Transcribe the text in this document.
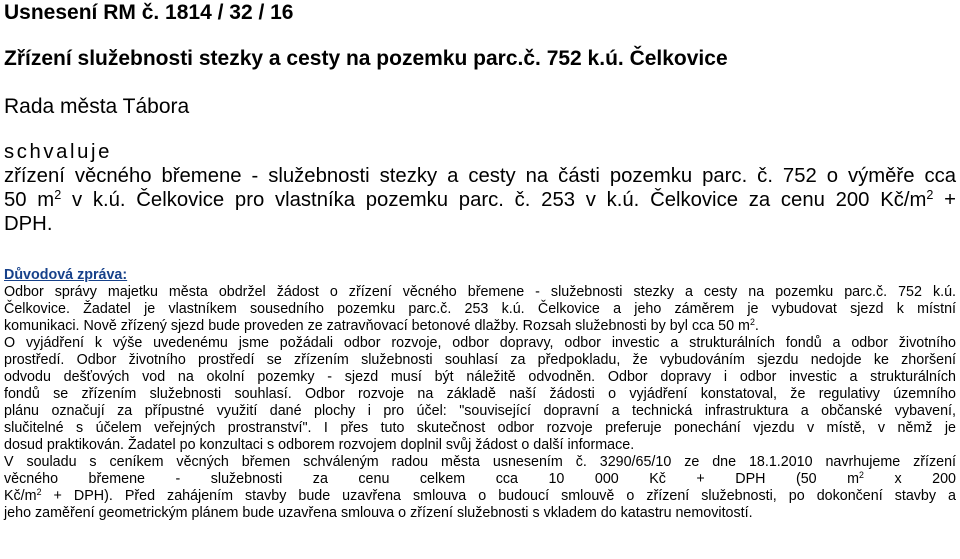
Usnesení RM č. 1814 / 32 / 16
Zřízení služebnosti stezky a cesty na pozemku parc.č. 752 k.ú. Čelkovice
Rada města Tábora

schvaluje

zřízení věcného břemene - služebnosti stezky a cesty na části pozemku parc. č. 752 o výměře cca

50 $m^2$ v k.ú. Čelkovice pro vlastníka pozemku parc. č. 253 v k.ú. Čelkovice za cenu 200 $Kč/m^2$ +

DPH.

Důvodová zpráva:

Odbor správy majetku města obdržel žádost o zřízení věcného břemene - služebnosti stezky a cesty na pozemku parc.č. 752 k.ú.

Čelkovice. Žadatel je vlastníkem sousedního pozemku parc.č. 253 k.ú. Čelkovice a jeho záměrem je vybudovat sjezd k místní

komunikaci. Nově zřízený sjezd bude proveden ze zatravňovací betonové dlažby. Rozsah služebnosti by byl cca 50 $m^2$.

O vyjádření k výše uvedenému jsme požádali odbor rozvoje, odbor dopravy, odbor investic a strukturálních fondů a odbor životního

prostředí. Odbor životního prostředí se zřízením služebnosti souhlasí za předpokladu, že vybudováním sjezdu nedojde ke zhoršení

odvodu dešťových vod na okolní pozemky - sjezd musí být náležitě odvodněn. Odbor dopravy i odbor investic a strukturálních

fondů se zřízením služebnosti souhlasí. Odbor rozvoje na základě naší žádosti o vyjádření konstatoval, že regulativy územního

plánu označují za přípustné využití dané plochy i pro účel: "související dopravní a technická infrastruktura a občanské vybavení,

slučitelné s účelem veřejných prostranství". I přes tuto skutečnost odbor rozvoje preferuje ponechání vjezdu v místě, v němž je

dosud praktikován. Žadatel po konzultaci s odborem rozvojem doplnil svůj žádost o další informace.

V souladu s ceníkem věcných břemen schváleným radou města usnesením č. 3290/65/10 ze dne 18.1.2010 navrhujeme zřízení

věcného břemene - služebnosti za cenu celkem cca 10 000 Kč + DPH (50 $m^2$ x 200

$Kč/m^2 + DPH$). Před zahájením stavby bude uzavřena smlouva o budoucí smlouvě o zřízení služebnosti, po dokončení stavby a

jeho zaměření geometrickým plánem bude uzavřena smlouva o zřízení služebnosti s vkladem do katastru nemovitostí.
